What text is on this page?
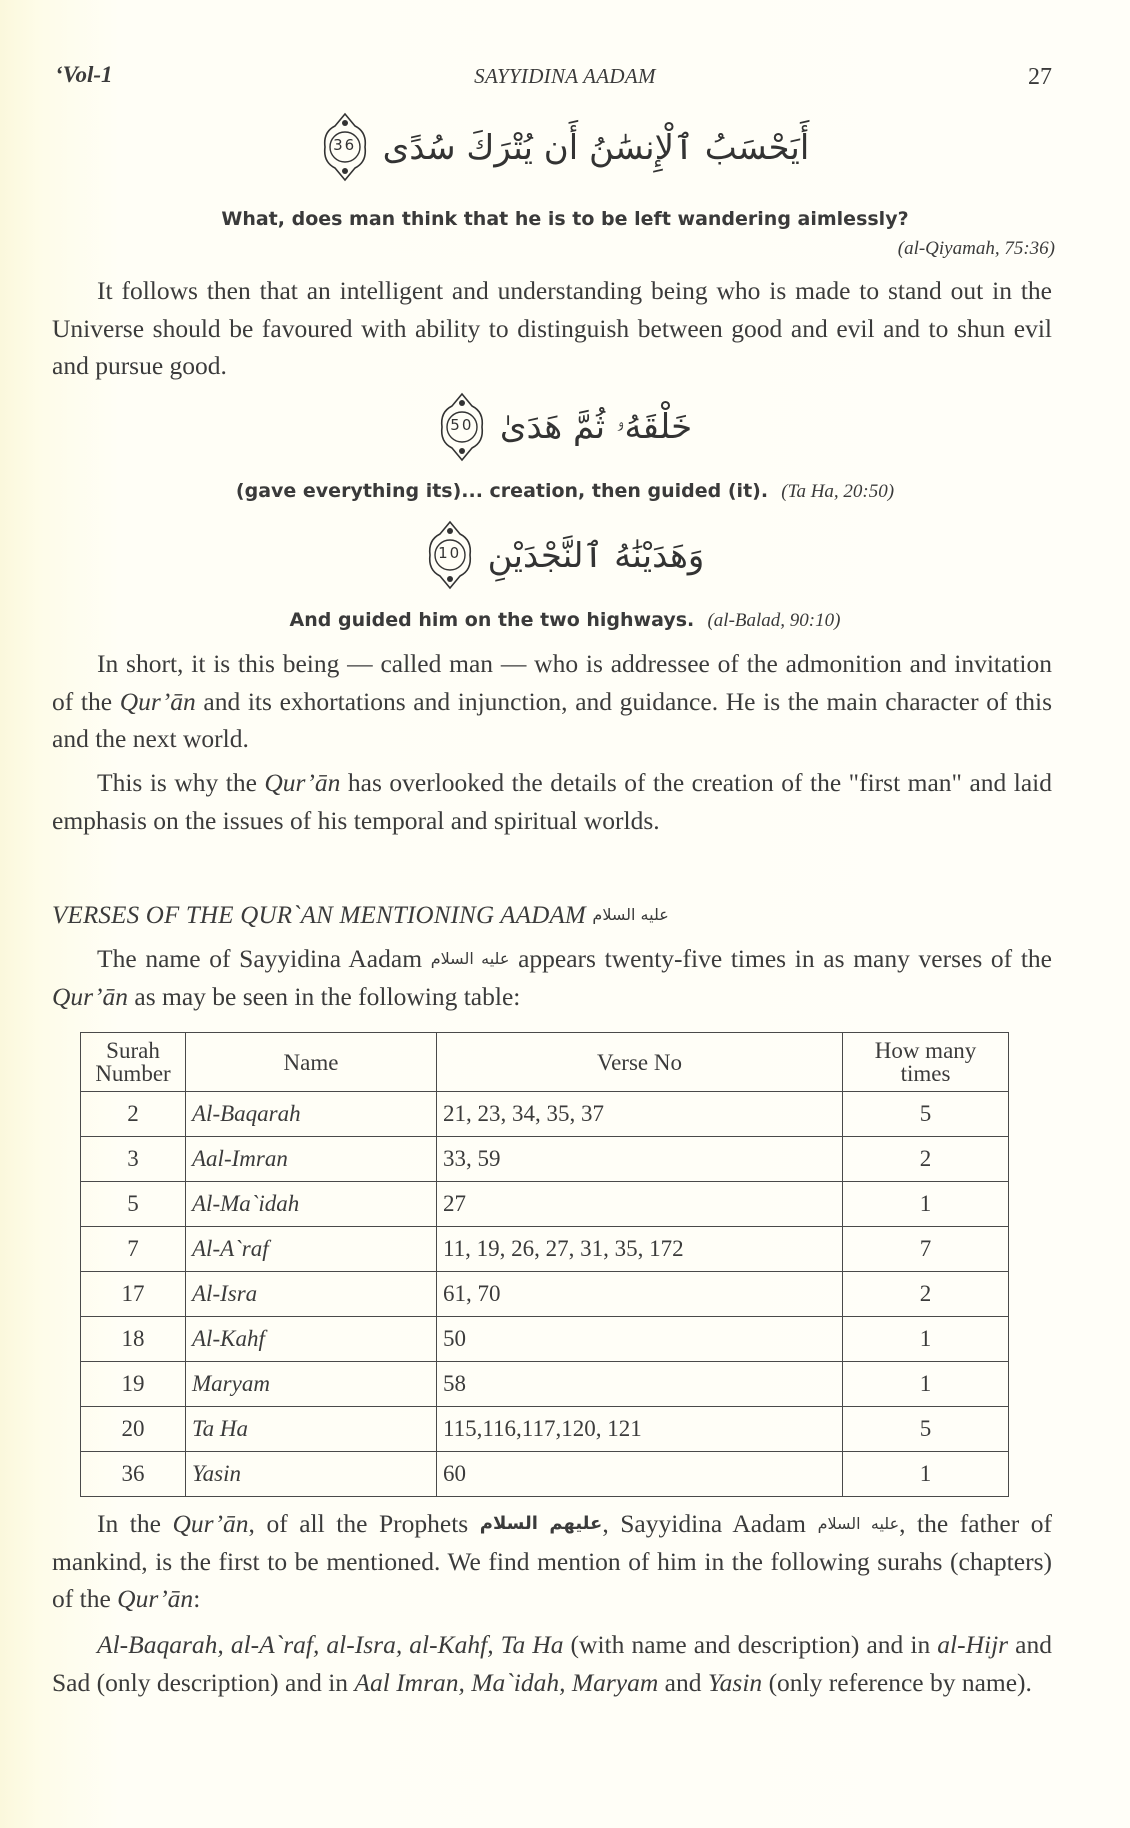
‘Vol-1	SAYYIDINA AADAM	27
36 أَيَحْسَبُ ٱلْإِنسَٰنُ أَن يُتْرَكَ سُدًى
What, does man think that he is to be left wandering aimlessly?
(al-Qiyamah, 75:36)
It follows then that an intelligent and understanding being who is made to stand out in the Universe should be favoured with ability to distinguish between good and evil and to shun evil and pursue good.
50 خَلْقَهُۥ ثُمَّ هَدَىٰ
(gave everything its)... creation, then guided (it). (Ta Ha, 20:50)
10 وَهَدَيْنَٰهُ ٱلنَّجْدَيْنِ
And guided him on the two highways. (al-Balad, 90:10)
In short, it is this being — called man — who is addressee of the admonition and invitation of the Qur’ān and its exhortations and injunction, and guidance. He is the main character of this and the next world.
This is why the Qur’ān has overlooked the details of the creation of the "first man" and laid emphasis on the issues of his temporal and spiritual worlds.
VERSES OF THE QUR`AN MENTIONING AADAM عليه السلام
The name of Sayyidina Aadam عليه السلام appears twenty-five times in as many verses of the Qur’ān as may be seen in the following table:
Surah Number	Name	Verse No	How many times
2	Al-Baqarah	21, 23, 34, 35, 37	5
3	Aal-Imran	33, 59	2
5	Al-Ma`idah	27	1
7	Al-A`raf	11, 19, 26, 27, 31, 35, 172	7
17	Al-Isra	61, 70	2
18	Al-Kahf	50	1
19	Maryam	58	1
20	Ta Ha	115,116,117,120, 121	5
36	Yasin	60	1
In the Qur’ān, of all the Prophets عليهم السلام, Sayyidina Aadam عليه السلام, the father of mankind, is the first to be mentioned. We find mention of him in the following surahs (chapters) of the Qur’ān:
Al-Baqarah, al-A`raf, al-Isra, al-Kahf, Ta Ha (with name and description) and in al-Hijr and Sad (only description) and in Aal Imran, Ma`idah, Maryam and Yasin (only reference by name).
